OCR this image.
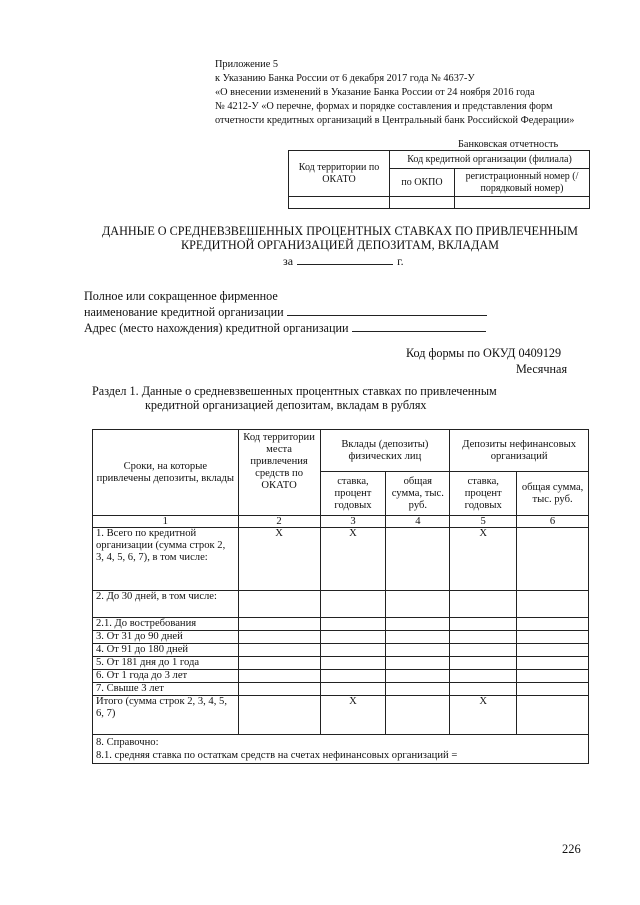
Приложение 5
к Указанию Банка России от 6 декабря 2017 года № 4637-У
«О внесении изменений в Указание Банка России от 24 ноября 2016 года
№ 4212-У «О перечне, формах и порядке составления и представления форм отчетности кредитных организаций в Центральный банк Российской Федерации»
Банковская отчетность
Код территории по ОКАТО	Код кредитной организации (филиала)	
	по ОКПО	регистрационный номер (/порядковый номер)

ДАННЫЕ О СРЕДНЕВЗВЕШЕННЫХ ПРОЦЕНТНЫХ СТАВКАХ ПО ПРИВЛЕЧЕННЫМ
КРЕДИТНОЙ ОРГАНИЗАЦИЕЙ ДЕПОЗИТАМ, ВКЛАДАМ
за	г.
Полное или сокращенное фирменное
наименование кредитной организации
Адрес (место нахождения) кредитной организации
Код формы по ОКУД 0409129
Месячная
Раздел 1. Данные о средневзвешенных процентных ставках по привлеченным
кредитной организацией депозитам, вкладам в рублях
Сроки, на которые привлечены депозиты, вклады	Код территории места привлечения средств по ОКАТО	Вклады (депозиты) физических лиц		Депозиты нефинансовых организаций	
		ставка, процент годовых	общая сумма, тыс. руб.	ставка, процент годовых	общая сумма, тыс. руб.
1	2	3	4	5	6
1. Всего по кредитной организации (сумма строк 2, 3, 4, 5, 6, 7), в том числе:	X	X		X	
2. До 30 дней, в том числе:					
2.1. До востребования					
3. От 31 до 90 дней					
4. От 91 до 180 дней					
5. От 181 дня до 1 года					
6. От 1 года до 3 лет					
7. Свыше 3 лет					
Итого (сумма строк 2, 3, 4, 5, 6, 7)		X		X	

8. Справочно:
8.1. средняя ставка по остаткам средств на счетах нефинансовых организаций =					
226
